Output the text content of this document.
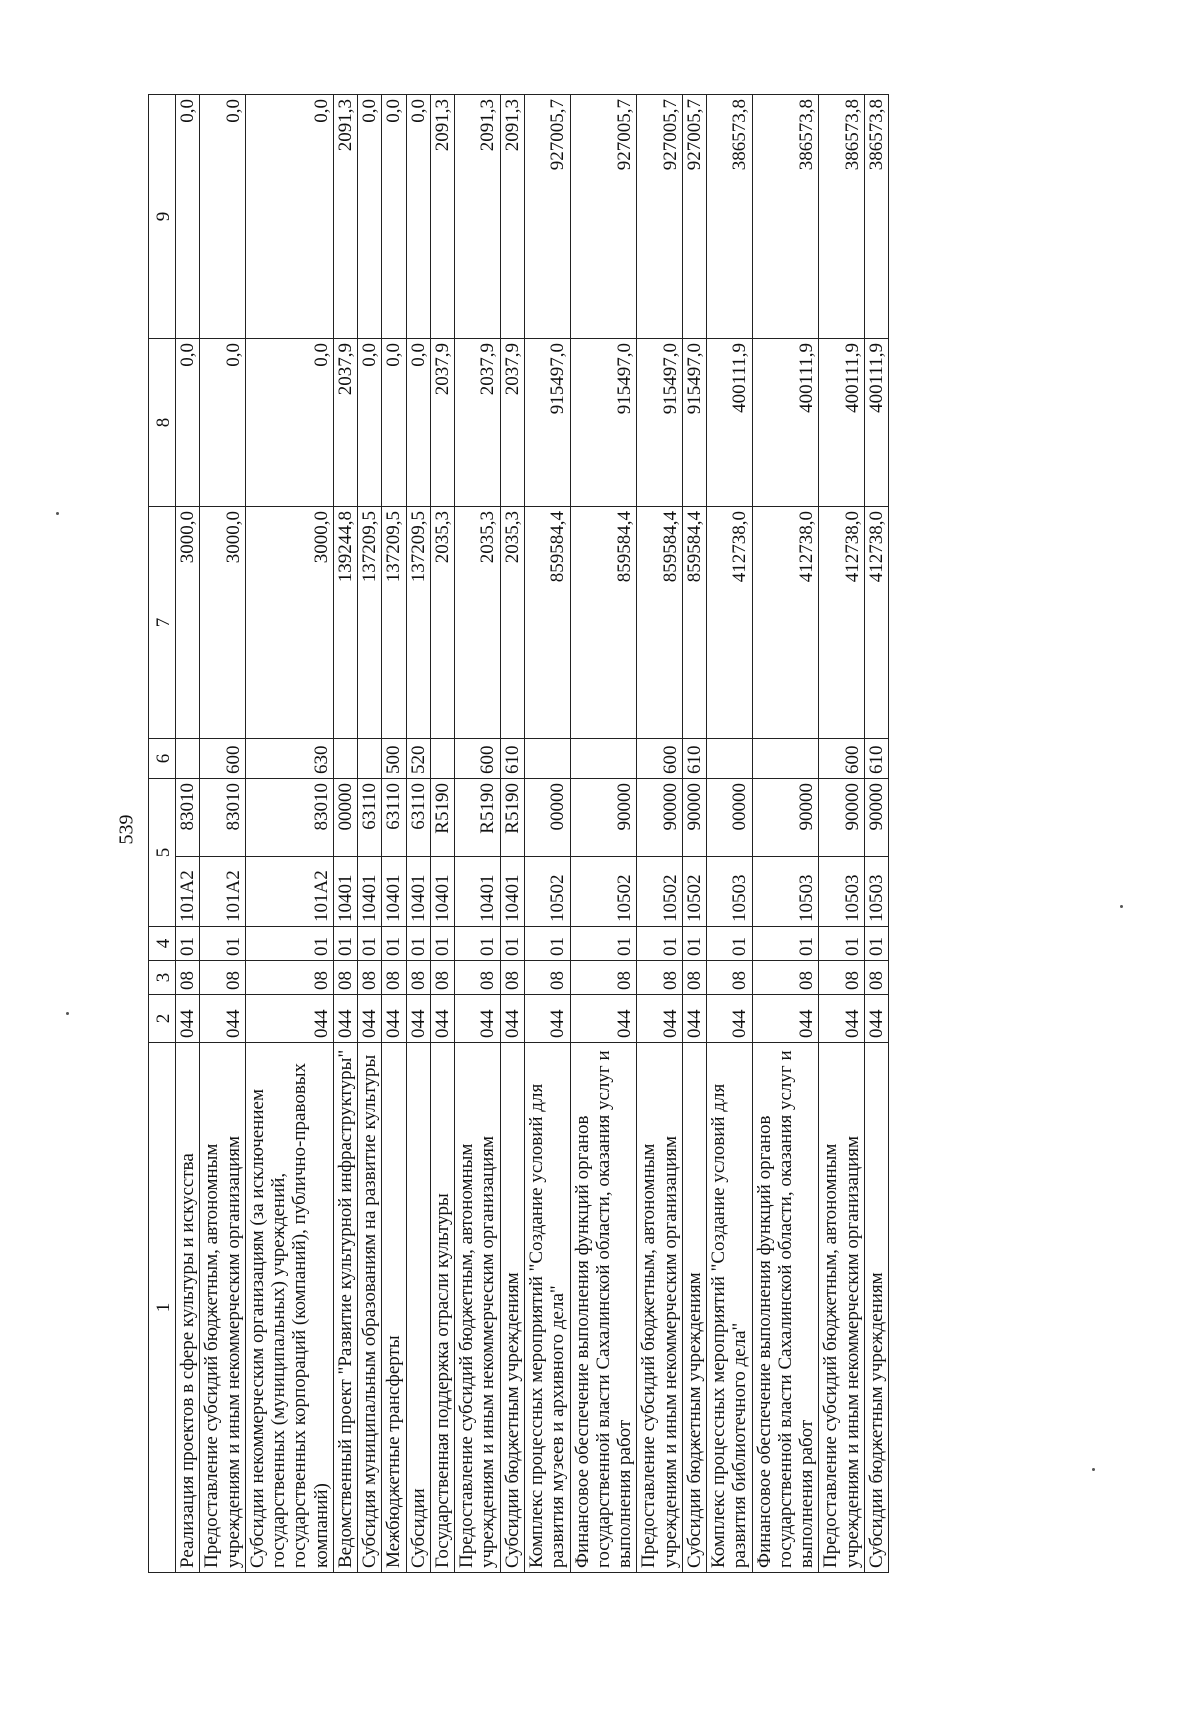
539
1	2	3	4	5		6	7	8	9
Реализация проектов в сфере культуры и искусства	044	08	01	101А2	83010		3000,0	0,0	0,0
Предоставление субсидий бюджетным, автономным учреждениям и иным некоммерческим организациям	044	08	01	101А2	83010	600	3000,0	0,0	0,0
Субсидии некоммерческим организациям (за исключением государственных (муниципальных) учреждений, государственных корпораций (компаний), публично-правовых компаний)	044	08	01	101А2	83010	630	3000,0	0,0	0,0
Ведомственный проект "Развитие культурной инфраструктуры"	044	08	01	10401	00000		139244,8	2037,9	2091,3
Субсидия муниципальным образованиям на развитие культуры	044	08	01	10401	63110		137209,5	0,0	0,0
Межбюджетные трансферты	044	08	01	10401	63110	500	137209,5	0,0	0,0
Субсидии	044	08	01	10401	63110	520	137209,5	0,0	0,0
Государственная поддержка отрасли культуры	044	08	01	10401	R5190		2035,3	2037,9	2091,3
Предоставление субсидий бюджетным, автономным учреждениям и иным некоммерческим организациям	044	08	01	10401	R5190	600	2035,3	2037,9	2091,3
Субсидии бюджетным учреждениям	044	08	01	10401	R5190	610	2035,3	2037,9	2091,3
Комплекс процессных мероприятий "Создание условий для развития музеев и архивного дела"	044	08	01	10502	00000		859584,4	915497,0	927005,7
Финансовое обеспечение выполнения функций органов государственной власти Сахалинской области, оказания услуг и выполнения работ	044	08	01	10502	90000		859584,4	915497,0	927005,7
Предоставление субсидий бюджетным, автономным учреждениям и иным некоммерческим организациям	044	08	01	10502	90000	600	859584,4	915497,0	927005,7
Субсидии бюджетным учреждениям	044	08	01	10502	90000	610	859584,4	915497,0	927005,7
Комплекс процессных мероприятий "Создание условий для развития библиотечного дела"	044	08	01	10503	00000		412738,0	400111,9	386573,8
Финансовое обеспечение выполнения функций органов государственной власти Сахалинской области, оказания услуг и выполнения работ	044	08	01	10503	90000		412738,0	400111,9	386573,8
Предоставление субсидий бюджетным, автономным учреждениям и иным некоммерческим организациям	044	08	01	10503	90000	600	412738,0	400111,9	386573,8
Субсидии бюджетным учреждениям	044	08	01	10503	90000	610	412738,0	400111,9	386573,8
